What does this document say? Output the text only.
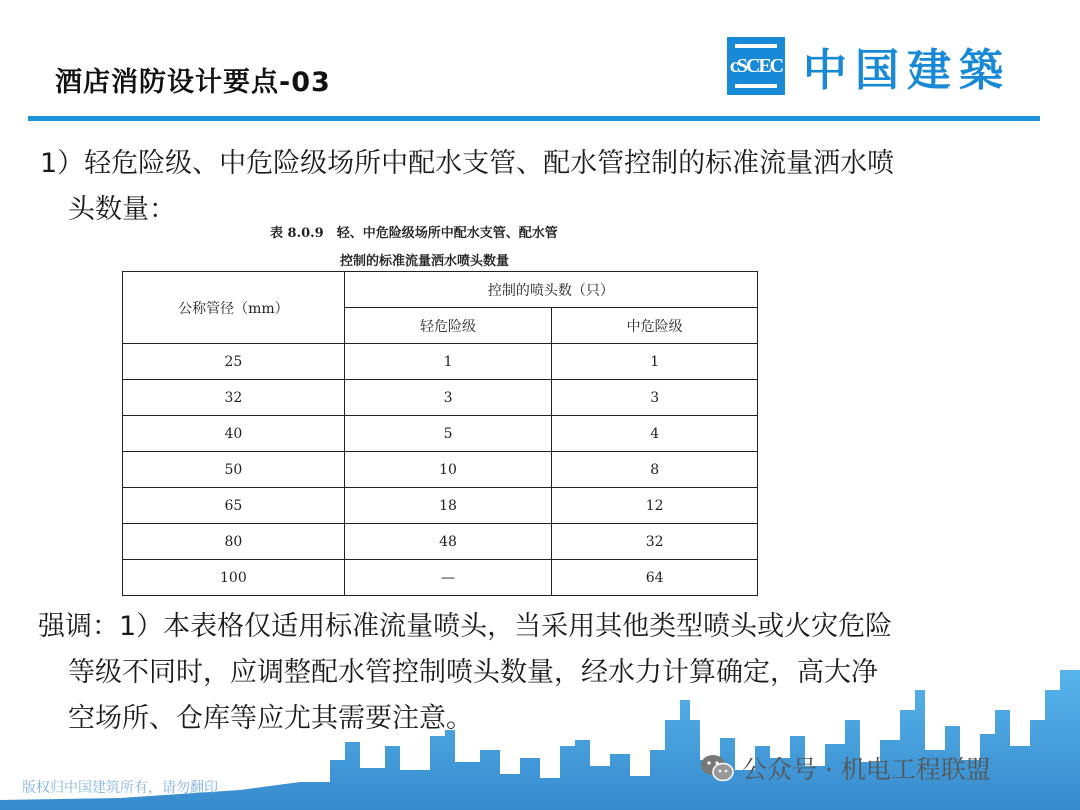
酒店消防设计要点-03
cSCEC 中国建築
1）轻危险级、中危险级场所中配水支管、配水管控制的标准流量洒水喷
头数量：
表 8.0.9　轻、中危险级场所中配水支管、配水管
控制的标准流量洒水喷头数量
公称管径（mm）	控制的喷头数（只）	
	轻危险级	中危险级
25	1	1
32	3	3
40	5	4
50	10	8
65	18	12
80	48	32
100	—	64
强调：1）本表格仅适用标准流量喷头，当采用其他类型喷头或火灾危险
等级不同时，应调整配水管控制喷头数量，经水力计算确定，高大净
空场所、仓库等应尤其需要注意。
版权归中国建筑所有，请勿翻印
公众号 · 机电工程联盟
